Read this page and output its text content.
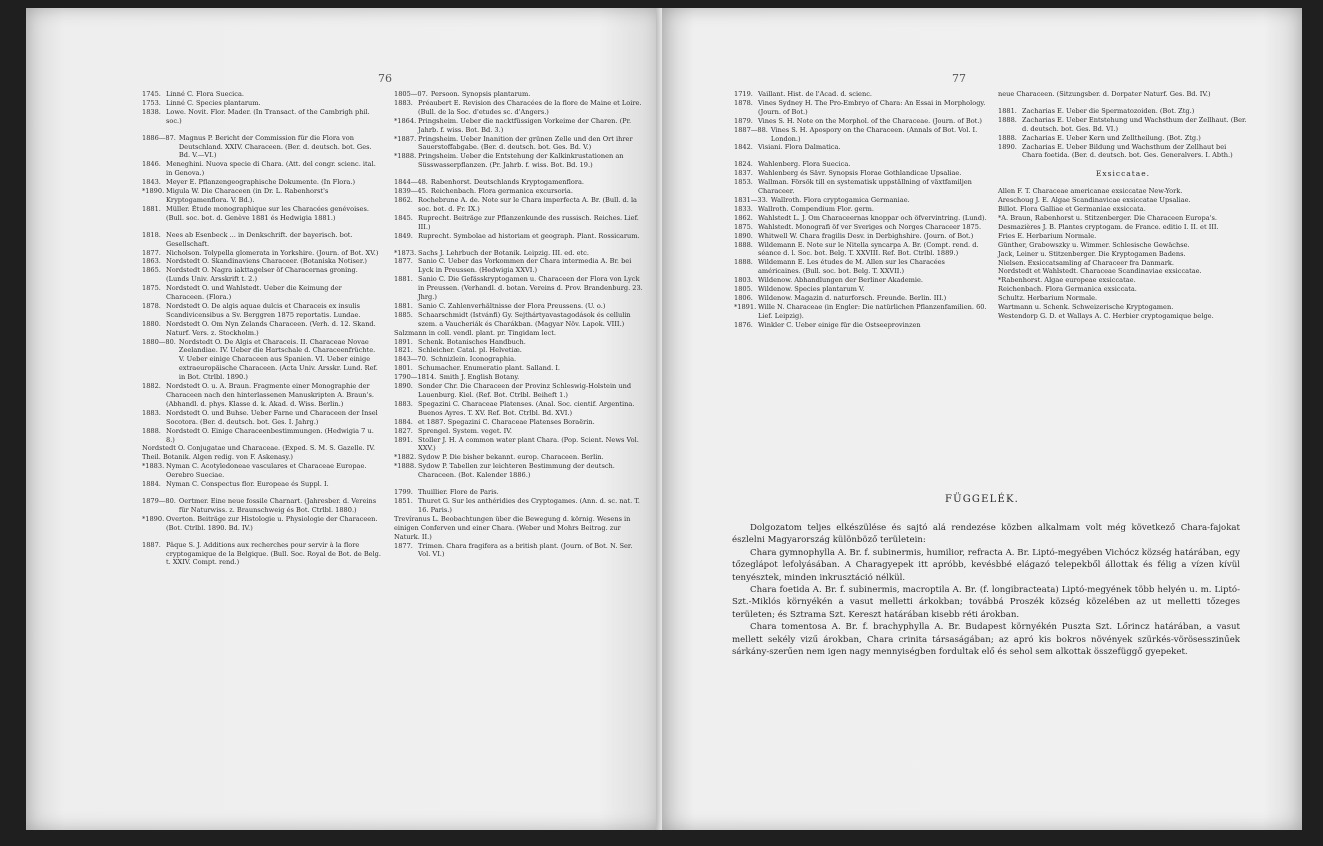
76
1745. Linné C. Flora Suecica.
1753. Linné C. Species plantarum.
1838. Lowe. Novit. Flor. Mader. (In Transact. of the Cambrigh phil. soc.)
1886—87. Magnus P. Bericht der Commission für die Flora von Deutschland. XXIV. Characeen. (Ber. d. deutsch. bot. Ges. Bd. V.—VI.)
1846. Meneghini. Nuova specie di Chara. (Att. del congr. scienc. ital. in Genova.)
1843. Meyer E. Pflanzengeographische Dokumente. (In Flora.)
*1890. Migula W. Die Characeen (in Dr. L. Rabenhorst's Kryptogamenflora. V. Bd.).
1881. Müller. Étude monographique sur les Characées genévoises. (Bull. soc. bot. d. Genève 1881 és Hedwigia 1881.)
1818. Nees ab Esenbeck ... in Denkschrift. der bayerisch. bot. Gesellschaft.
1877. Nicholson. Tolypella glomerata in Yorkshire. (Journ. of Bot. XV.)
1863. Nordstedt O. Skandinaviens Characeer. (Botaniska Notiser.)
1865. Nordstedt O. Nagra iakttagelser öf Characernas groning. (Lunds Univ. Arsskrift t. 2.)
1875. Nordstedt O. und Wahlstedt. Ueber die Keimung der Characeen. (Flora.)
1878. Nordstedt O. De algis aquae dulcis et Characeis ex insulis Scandivicensibus a Sv. Berggren 1875 reportatis. Lundae.
1880. Nordstedt O. Om Nyn Zelands Characeen. (Verh. d. 12. Skand. Naturf. Vers. z. Stockholm.)
1880—80. Nordstedt O. De Algis et Characeis. II. Characeae Novae Zeelandiae. IV. Ueber die Hartschale d. Characeenfrüchte. V. Ueber einige Characeen aus Spanien. VI. Ueber einige extraeuropäische Characeen. (Acta Univ. Arsskr. Lund. Ref. in Bot. Ctrlbl. 1890.)
1882. Nordstedt O. u. A. Braun. Fragmente einer Monographie der Characeen nach den hinterlassenen Manuskripten A. Braun's. (Abhandl. d. phys. Klasse d. k. Akad. d. Wiss. Berlin.)
1883. Nordstedt O. und Buhse. Ueber Farne und Characeen der Insel Socotora. (Ber. d. deutsch. bot. Ges. I. Jahrg.)
1888. Nordstedt O. Einige Characeenbestimmungen. (Hedwigia 7 u. 8.)
Nordstedt O. Conjugatae und Characeae. (Exped. S. M. S. Gazelle. IV. Theil. Botanik. Algen redig. von F. Askenasy.)
*1883. Nyman C. Acotyledoneae vasculares et Characeae Europae. Oerebro Sueciae.
1884. Nyman C. Conspectus flor. Europeae és Suppl. I.
1879—80. Oertmer. Eine neue fossile Charnart. (Jahresber. d. Vereins für Naturwiss. z. Braunschweig és Bot. Ctrlbl. 1880.)
*1890. Overton. Beiträge zur Histologie u. Physiologie der Characeen. (Bot. Ctrlbl. 1890. Bd. IV.)
1887. Pâque S. J. Additions aux recherches pour servir à la flore cryptogamique de la Belgique. (Bull. Soc. Royal de Bot. de Belg. t. XXIV. Compt. rend.)
1805—07. Persoon. Synopsis plantarum.
1883. Préaubert E. Revision des Characées de la flore de Maine et Loire. (Bull. de la Soc. d'etudes sc. d'Angers.)
*1864. Pringsheim. Ueber die nacktfüssigen Vorkeime der Charen. (Pr. Jahrb. f. wiss. Bot. Bd. 3.)
*1887. Pringsheim. Ueber Inanition der grünen Zelle und den Ort ihrer Sauerstoffabgabe. (Ber. d. deutsch. bot. Ges. Bd. V.)
*1888. Pringsheim. Ueber die Entstehung der Kalkinkrustationen an Süsswasserpflanzen. (Pr. Jahrb. f. wiss. Bot. Bd. 19.)
1844—48. Rabenhorst. Deutschlands Kryptogamenflora.
1839—45. Reichenbach. Flora germanica excursoria.
1862. Rochebrune A. de. Note sur le Chara imperfecta A. Br. (Bull. d. la soc. bot. d. Fr. IX.)
1845. Ruprecht. Beiträge zur Pflanzenkunde des russisch. Reiches. Lief. III.)
1849. Ruprecht. Symbolae ad historiam et geograph. Plant. Rossicarum.
*1873. Sachs J. Lehrbuch der Botanik. Leipzig. III. ed. etc.
1877. Sanio C. Ueber das Vorkommen der Chara intermedia A. Br. bei Lyck in Preussen. (Hedwigia XXVI.)
1881. Sanio C. Die Gefässkryptogamen u. Characeen der Flora von Lyck in Preussen. (Verhandl. d. botan. Vereins d. Prov. Brandenburg. 23. Jhrg.)
1881. Sanio C. Zahlenverhältnisse der Flora Preussens. (U. o.)
1885. Schaarschmidt (Istvánfi) Gy. Sejthártyavastagodások és cellulin szem. a Vaucheriák és Charákban. (Magyar Növ. Lapok. VIII.)
Salzmann in coll. vendl. plant. pr. Tingidam lect.
1891. Schenk. Botanisches Handbuch.
1821. Schleicher. Catal. pl. Helvetiæ.
1843—70. Schnizlein. Iconographia.
1801. Schumacher. Enumeratio plant. Salland. I.
1790—1814. Smith J. English Botany.
1890. Sonder Chr. Die Characeen der Provinz Schleswig-Holstein und Lauenburg. Kiel. (Ref. Bot. Ctrlbl. Beiheft 1.)
1883. Spegazini C. Characeae Platenses. (Anal. Soc. cientif. Argentina. Buenos Ayres. T. XV. Ref. Bot. Ctrlbl. Bd. XVI.)
1884. et 1887. Spegazini C. Characeae Platenses Boraërin.
1827. Sprengel. System. veget. IV.
1891. Stoller J. H. A common water plant Chara. (Pop. Scient. News Vol. XXV.)
*1882. Sydow P. Die bisher bekannt. europ. Characeen. Berlin.
*1888. Sydow P. Tabellen zur leichteren Bestimmung der deutsch. Characeen. (Bot. Kalender 1886.)
1799. Thuillier. Flore de Paris.
1851. Thuret G. Sur les anthéridies des Cryptogames. (Ann. d. sc. nat. T. 16. Paris.)
Trevíranus L. Beobachtungen über die Bewegung d. körnig. Wesens in einigen Conferven und einer Chara. (Weber und Mohrs Beitrag. zur Naturk. II.)
1877. Trimen. Chara fragifera as a british plant. (Journ. of Bot. N. Ser. Vol. VI.)
77
1719. Vaillant. Hist. de l'Acad. d. scienc.
1878. Vines Sydney H. The Pro-Embryo of Chara: An Essai in Morphology. (Journ. of Bot.)
1879. Vines S. H. Note on the Morphol. of the Characeae. (Journ. of Bot.)
1887—88. Vines S. H. Apospory on the Characeen. (Annals of Bot. Vol. I. London.)
1842. Visiani. Flora Dalmatica.
1824. Wahlenberg. Flora Suecica.
1837. Wahlenberg és Sävr. Synopsis Florae Gothlandicae Upsaliae.
1853. Wallman. Försök till en systematisk uppställning of växtfamiljen Characeer.
1831—33. Wallroth. Flora cryptogamica Germaniae.
1833. Wallroth. Compendium Flor. germ.
1862. Wahlstedt L. J. Om Characeernas knoppar och öfvervintring. (Lund).
1875. Wahlstedt. Monografi öf ver Sveriges och Norges Characeer 1875.
1890. Whitwell W. Chara fragilis Desv. in Derbighshire. (Journ. of Bot.)
1888. Wildemann E. Note sur le Nitella syncarpa A. Br. (Compt. rend. d. séance d. l. Soc. bot. Belg. T. XXVIII. Ref. Bot. Ctrlbl. 1889.)
1888. Wildemann E. Les études de M. Allen sur les Characées américaines. (Bull. soc. bot. Belg. T. XXVII.)
1803. Wildenow. Abhandlungen der Berliner Akademie.
1805. Wildenow. Species plantarum V.
1806. Wildenow. Magazin d. naturforsch. Freunde. Berlin. III.)
*1891. Wille N. Characeae (in Engler: Die natürlichen Pflanzenfamilien. 60. Lief. Leipzig).
1876. Winkler C. Ueber einige für die Ostseeprovinzen
neue Characeen. (Sitzungsber. d. Dorpater Naturf. Ges. Bd. IV.)
1881. Zacharias E. Ueber die Spermatozoiden. (Bot. Ztg.)
1888. Zacharias E. Ueber Entstehung und Wachsthum der Zellhaut. (Ber. d. deutsch. bot. Ges. Bd. VI.)
1888. Zacharias E. Ueber Kern und Zelltheilung. (Bot. Ztg.)
1890. Zacharias E. Ueber Bildung und Wachsthum der Zellhaut bei Chara foetida. (Ber. d. deutsch. bot. Ges. Generalvers. I. Abth.)
Exsiccatae.
Allen F. T. Characeae americanae exsiccatae New-York.
Areschoug J. E. Algae Scandinavicae exsiccatae Upsaliae.
Billot. Flora Galliae et Germaniae exsiccata.
*A. Braun, Rabenhorst u. Stitzenberger. Die Characeen Europa's.
Desmazières J. B. Plantes cryptogam. de France. editio I. II. et III.
Fries E. Herbarium Normale.
Günther, Grabowszky u. Wimmer. Schlesische Gewächse.
Jack, Leiner u. Stitzenberger. Die Kryptogamen Badens.
Nielsen. Exsiccatsamling af Characeer fra Danmark.
Nordstedt et Wahlstedt. Characeae Scandinaviae exsiccatae.
*Rabenhorst. Algae europeae exsiccatae.
Reichenbach. Flora Germanica exsiccata.
Schultz. Herbarium Normale.
Wartmann u. Schenk. Schweizerische Kryptogamen.
Westendorp G. D. et Wallays A. C. Herbier cryptogamique belge.
FÜGGELÉK.

Dolgozatom teljes elkészülése és sajtó alá rendezése közben alkalmam volt még következő Chara-fajokat észlelni Magyarország különböző területein:

Chara gymnophylla A. Br. f. subinermis, humilior, refracta A. Br. Liptó-megyében Vichócz község határában, egy tőzeglápot lefolyásában. A Charagyepek itt apróbb, kevésbbé elágazó telepekből állottak és félig a vízen kívül tenyésztek, minden inkrusztáció nélkül.

Chara foetida A. Br. f. subinermis, macroptila A. Br. (f. longibracteata) Liptó-megyének több helyén u. m. Liptó-Szt.-Miklós környékén a vasut melletti árkokban; továbbá Proszék község közelében az ut melletti tőzeges területen; és Sztrama Szt. Kereszt határában kisebb réti árokban.

Chara tomentosa A. Br. f. brachyphylla A. Br. Budapest környékén Puszta Szt. Lőrincz határában, a vasut mellett sekély vizű árokban, Chara crinita társaságában; az apró kis bokros növények szürkés-vörösesszinűek sárkány-szerűen nem igen nagy mennyiségben fordultak elő és sehol sem alkottak összefüggő gyepeket.
